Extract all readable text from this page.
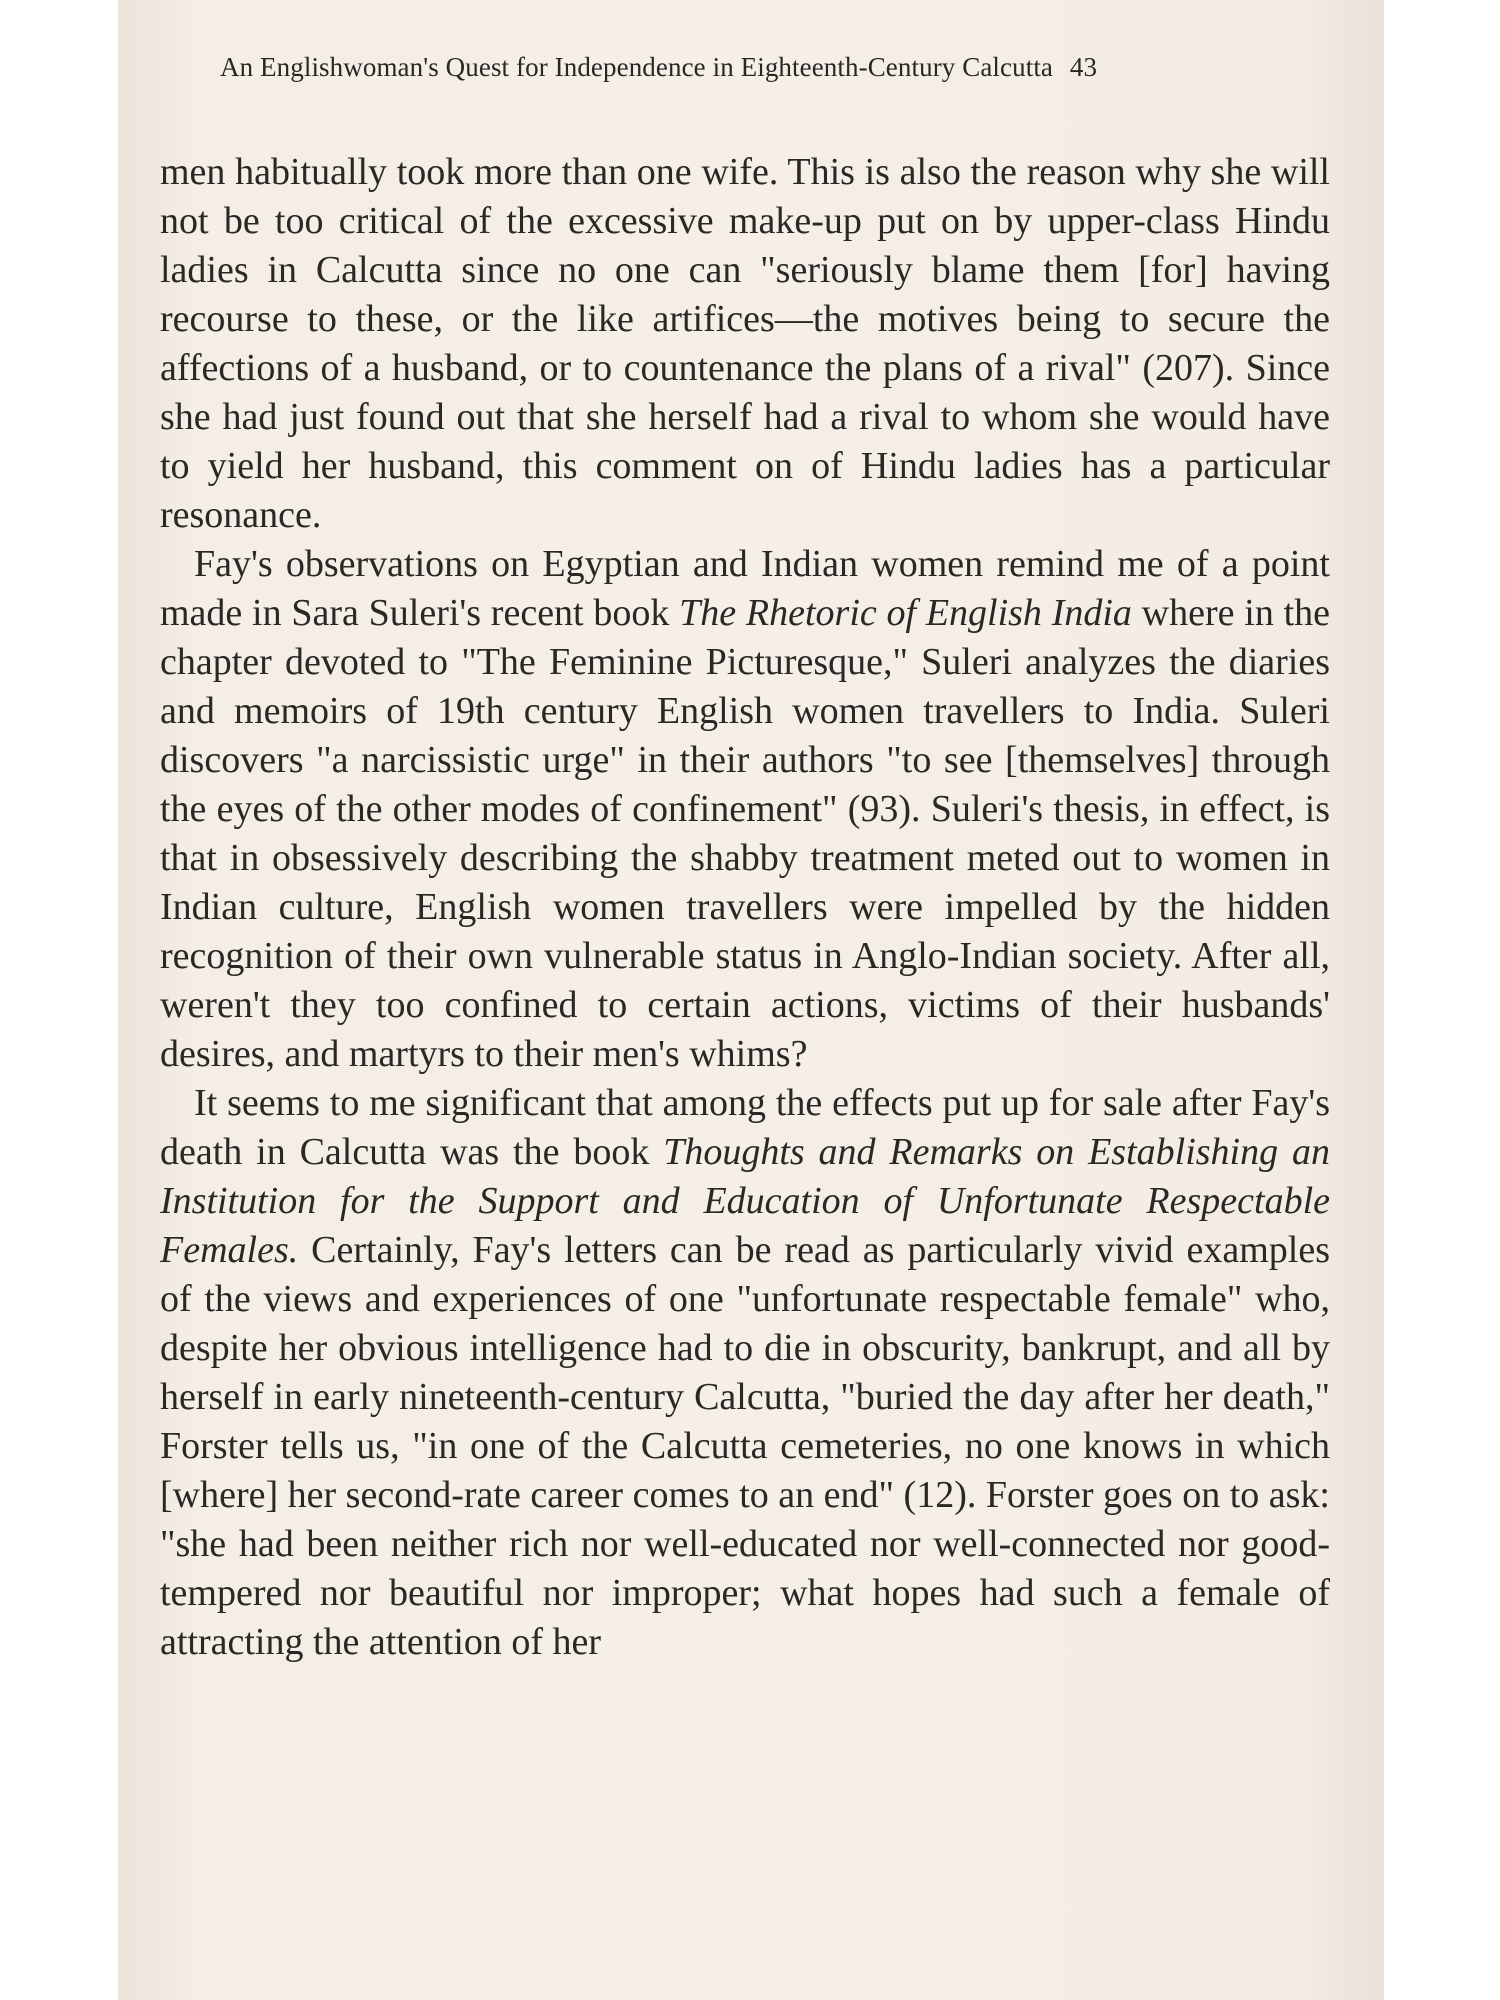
An Englishwoman's Quest for Independence in Eighteenth-Century Calcutta 43

men habitually took more than one wife. This is also the reason why she will not be too critical of the excessive make-up put on by upper-class Hindu ladies in Calcutta since no one can "seriously blame them [for] having recourse to these, or the like artifices—the motives being to secure the affections of a husband, or to countenance the plans of a rival" (207). Since she had just found out that she herself had a rival to whom she would have to yield her husband, this comment on of Hindu ladies has a particular resonance.

Fay's observations on Egyptian and Indian women remind me of a point made in Sara Suleri's recent book The Rhetoric of English India where in the chapter devoted to "The Feminine Picturesque," Suleri analyzes the diaries and memoirs of 19th century English women travellers to India. Suleri discovers "a narcissistic urge" in their authors "to see [themselves] through the eyes of the other modes of confinement" (93). Suleri's thesis, in effect, is that in obsessively describing the shabby treatment meted out to women in Indian culture, English women travellers were impelled by the hidden recognition of their own vulnerable status in Anglo-Indian society. After all, weren't they too confined to certain actions, victims of their husbands' desires, and martyrs to their men's whims?

It seems to me significant that among the effects put up for sale after Fay's death in Calcutta was the book Thoughts and Remarks on Establishing an Institution for the Support and Education of Unfortunate Respectable Females. Certainly, Fay's letters can be read as particularly vivid examples of the views and experiences of one "unfortunate respectable female" who, despite her obvious intelligence had to die in obscurity, bankrupt, and all by herself in early nineteenth-century Calcutta, "buried the day after her death," Forster tells us, "in one of the Calcutta cemeteries, no one knows in which [where] her second-rate career comes to an end" (12). Forster goes on to ask: "she had been neither rich nor well-educated nor well-connected nor good-tempered nor beautiful nor improper; what hopes had such a female of attracting the attention of her
